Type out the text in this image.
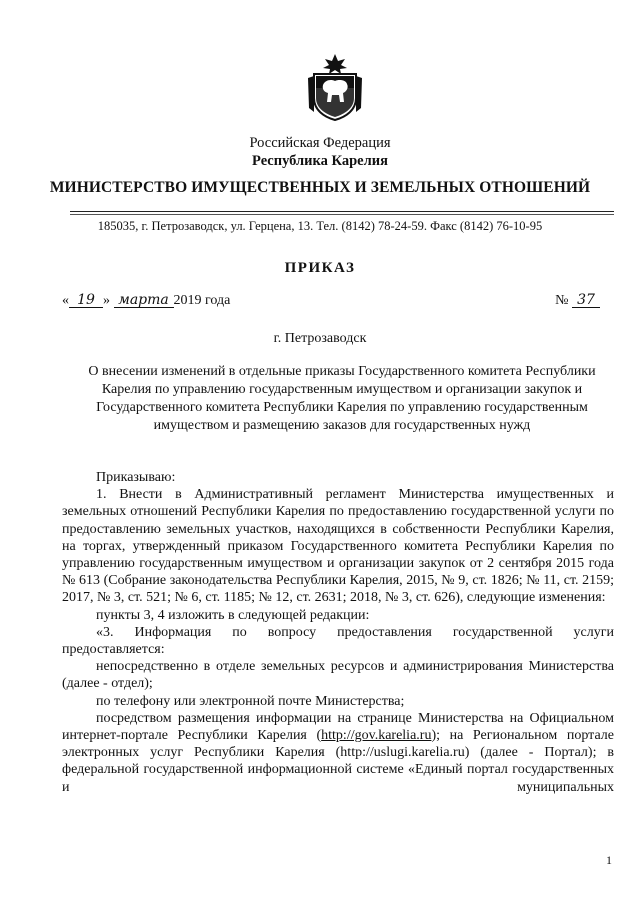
Российская Федерация
Республика Карелия
МИНИСТЕРСТВО ИМУЩЕСТВЕННЫХ И ЗЕМЕЛЬНЫХ ОТНОШЕНИЙ
185035, г. Петрозаводск, ул. Герцена, 13. Тел. (8142) 78-24-59. Факс (8142) 76-10-95
ПРИКАЗ
« 19 » марта 2019 года	№ 37
г. Петрозаводск
О внесении изменений в отдельные приказы Государственного комитета Республики Карелия по управлению государственным имуществом и организации закупок и Государственного комитета Республики Карелия по управлению государственным имуществом и размещению заказов для государственных нужд

Приказываю:

1. Внести в Административный регламент Министерства имущественных и земельных отношений Республики Карелия по предоставлению государственной услуги по предоставлению земельных участков, находящихся в собственности Республики Карелия, на торгах, утвержденный приказом Государственного комитета Республики Карелия по управлению государственным имуществом и организации закупок от 2 сентября 2015 года № 613 (Собрание законодательства Республики Карелия, 2015, № 9, ст. 1826; № 11, ст. 2159; 2017, № 3, ст. 521; № 6, ст. 1185; № 12, ст. 2631; 2018, № 3, ст. 626), следующие изменения:

пункты 3, 4 изложить в следующей редакции:

«3. Информация по вопросу предоставления государственной услуги предоставляется:

непосредственно в отделе земельных ресурсов и администрирования Министерства (далее - отдел);

по телефону или электронной почте Министерства;

посредством размещения информации на странице Министерства на Официальном интернет-портале Республики Карелия (http://gov.karelia.ru); на Региональном портале электронных услуг Республики Карелия (http://uslugi.karelia.ru) (далее - Портал); в федеральной государственной информационной системе «Единый портал государственных и муниципальных

1
